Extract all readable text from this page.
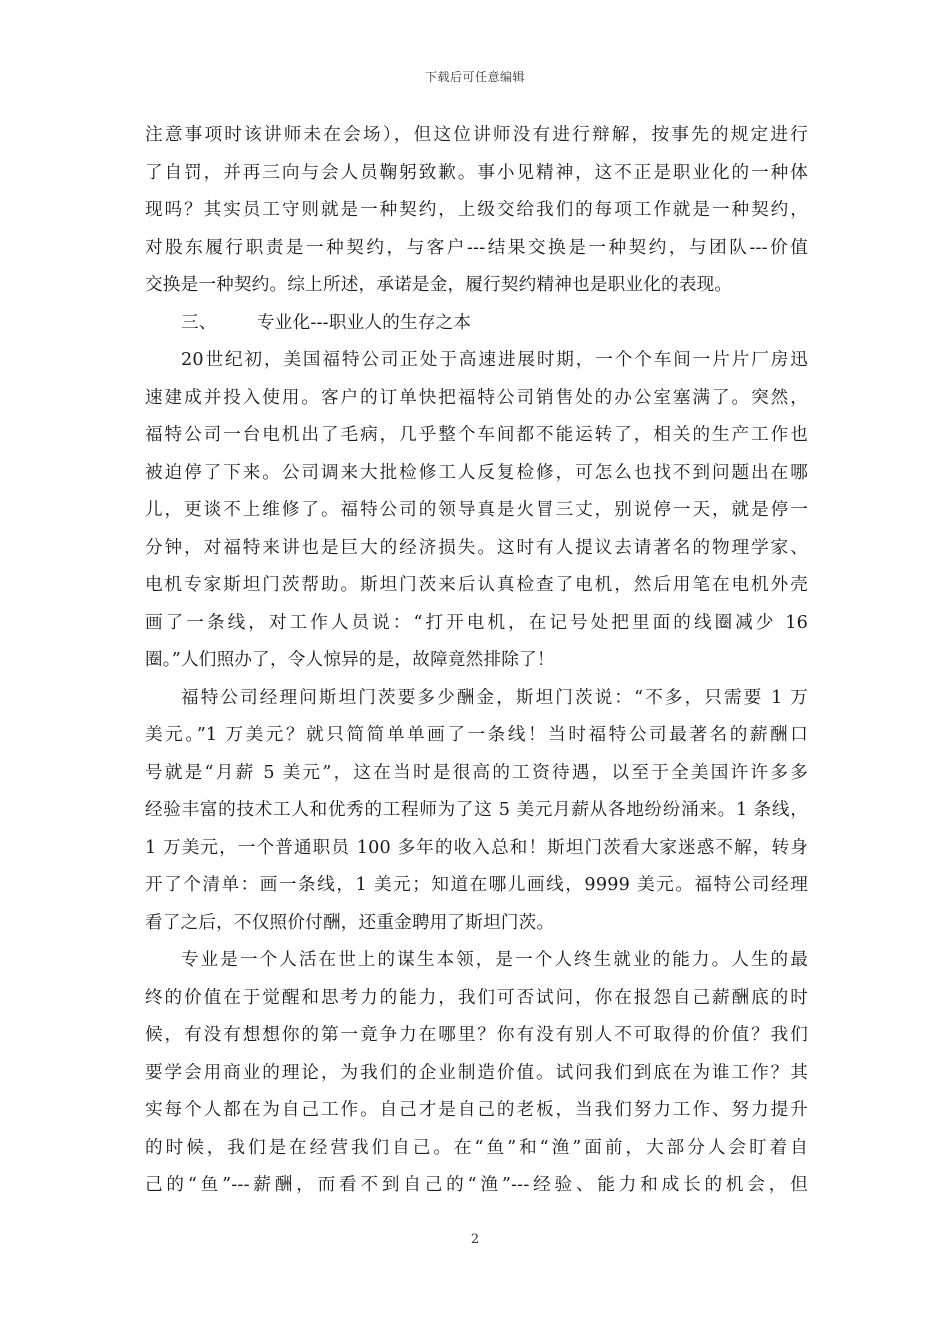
下载后可任意编辑
注意事项时该讲师未在会场），但这位讲师没有进行辩解，按事先的规定进行
了自罚，并再三向与会人员鞠躬致歉。事小见精神，这不正是职业化的一种体
现吗？其实员工守则就是一种契约，上级交给我们的每项工作就是一种契约，
对股东履行职责是一种契约，与客户---结果交换是一种契约，与团队---价值
交换是一种契约。综上所述，承诺是金，履行契约精神也是职业化的表现。
三、 专业化---职业人的生存之本
20世纪初，美国福特公司正处于高速进展时期，一个个车间一片片厂房迅
速建成并投入使用。客户的订单快把福特公司销售处的办公室塞满了。突然，
福特公司一台电机出了毛病，几乎整个车间都不能运转了，相关的生产工作也
被迫停了下来。公司调来大批检修工人反复检修，可怎么也找不到问题出在哪
儿，更谈不上维修了。福特公司的领导真是火冒三丈，别说停一天，就是停一
分钟，对福特来讲也是巨大的经济损失。这时有人提议去请著名的物理学家、
电机专家斯坦门茨帮助。斯坦门茨来后认真检查了电机，然后用笔在电机外壳
画了一条线，对工作人员说：“打开电机，在记号处把里面的线圈减少 16
圈。”人们照办了，令人惊异的是，故障竟然排除了！
福特公司经理问斯坦门茨要多少酬金，斯坦门茨说：“不多，只需要 1 万
美元。”1 万美元？就只简简单单画了一条线！当时福特公司最著名的薪酬口
号就是“月薪 5 美元”，这在当时是很高的工资待遇，以至于全美国许许多多
经验丰富的技术工人和优秀的工程师为了这 5 美元月薪从各地纷纷涌来。1 条线，
1 万美元，一个普通职员 100 多年的收入总和！斯坦门茨看大家迷惑不解，转身
开了个清单：画一条线，1 美元；知道在哪儿画线，9999 美元。福特公司经理
看了之后，不仅照价付酬，还重金聘用了斯坦门茨。
专业是一个人活在世上的谋生本领，是一个人终生就业的能力。人生的最
终的价值在于觉醒和思考力的能力，我们可否试问，你在报怨自己薪酬底的时
候，有没有想想你的第一竟争力在哪里？你有没有别人不可取得的价值？我们
要学会用商业的理论，为我们的企业制造价值。试问我们到底在为谁工作？其
实每个人都在为自己工作。自己才是自己的老板，当我们努力工作、努力提升
的时候，我们是在经营我们自己。在“鱼”和“渔”面前，大部分人会盯着自
己的“鱼”---薪酬，而看不到自己的“渔”---经验、能力和成长的机会，但
2
